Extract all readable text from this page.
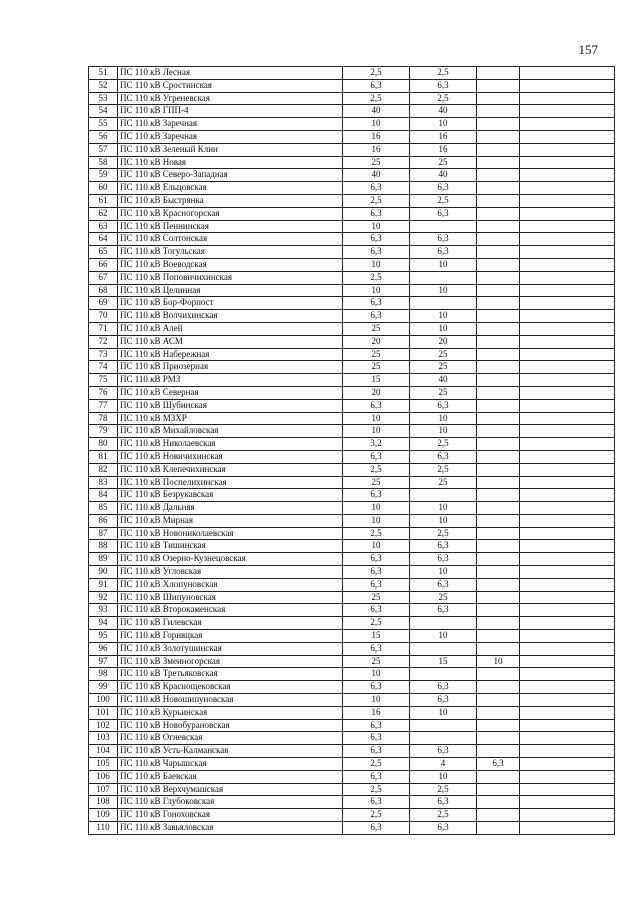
157
51	ПС 110 кВ Лесная	2,5	2,5		
52	ПС 110 кВ Сростинская	6,3	6,3		
53	ПС 110 кВ Угреневская	2,5	2,5		
54	ПС 110 кВ ГПП-4	40	40		
55	ПС 110 кВ Заречная	10	10		
56	ПС 110 кВ Заречная	16	16		
57	ПС 110 кВ Зеленый Клин	16	16		
58	ПС 110 кВ Новая	25	25		
59	ПС 110 кВ Северо-Западная	40	40		
60	ПС 110 кВ Ельцовская	6,3	6,3		
61	ПС 110 кВ Быстрянка	2,5	2,5		
62	ПС 110 кВ Красногорская	6,3	6,3		
63	ПС 110 кВ Пеннинская	10			
64	ПС 110 кВ Солтонская	6,3	6,3		
65	ПС 110 кВ Тогульская	6,3	6,3		
66	ПС 110 кВ Воеводская	10	10		
67	ПС 110 кВ Поповичихинская	2,5			
68	ПС 110 кВ Целинная	10	10		
69	ПС 110 кВ Бор-Форпост	6,3			
70	ПС 110 кВ Волчихинская	6,3	10		
71	ПС 110 кВ Алей	25	10		
72	ПС 110 кВ АСМ	20	20		
73	ПС 110 кВ Набережная	25	25		
74	ПС 110 кВ Приозерная	25	25		
75	ПС 110 кВ РМЗ	15	40		
76	ПС 110 кВ Северная	20	25		
77	ПС 110 кВ Шубинская	6,3	6,3		
78	ПС 110 кВ МЗХР	10	10		
79	ПС 110 кВ Михайловская	10	10		
80	ПС 110 кВ Николаевская	3,2	2,5		
81	ПС 110 кВ Новичихинская	6,3	6,3		
82	ПС 110 кВ Клепечихинская	2,5	2,5		
83	ПС 110 кВ Поспелихинская	25	25		
84	ПС 110 кВ Безрукавская	6,3			
85	ПС 110 кВ Дальняя	10	10		
86	ПС 110 кВ Мирная	10	10		
87	ПС 110 кВ Новониколаевская	2,5	2,5		
88	ПС 110 кВ Тишинская	10	6,3		
89	ПС 110 кВ Озерно-Кузнецовская	6,3	6,3		
90	ПС 110 кВ Угловская	6,3	10		
91	ПС 110 кВ Хлопуновская	6,3	6,3		
92	ПС 110 кВ Шипуновская	25	25		
93	ПС 110 кВ Второкаменская	6,3	6,3		
94	ПС 110 кВ Гилевская	2,5			
95	ПС 110 кВ Горняцкая	15	10		
96	ПС 110 кВ Золотушинская	6,3			
97	ПС 110 кВ Змеиногорская	25	15	10	
98	ПС 110 кВ Третьяковская	10			
99	ПС 110 кВ Краснощековская	6,3	6,3		
100	ПС 110 кВ Новошипуновская	10	6,3		
101	ПС 110 кВ Курьинская	16	10		
102	ПС 110 кВ Новобурановская	6,3			
103	ПС 110 кВ Огневская	6,3			
104	ПС 110 кВ Усть-Калманская	6,3	6,3		
105	ПС 110 кВ Чарышская	2,5	4	6,3	
106	ПС 110 кВ Баевская	6,3	10		
107	ПС 110 кВ Верхчумашская	2,5	2,5		
108	ПС 110 кВ Глубоковская	6,3	6,3		
109	ПС 110 кВ Гоноховская	2,5	2,5		
110	ПС 110 кВ Завьяловская	6,3	6,3		
